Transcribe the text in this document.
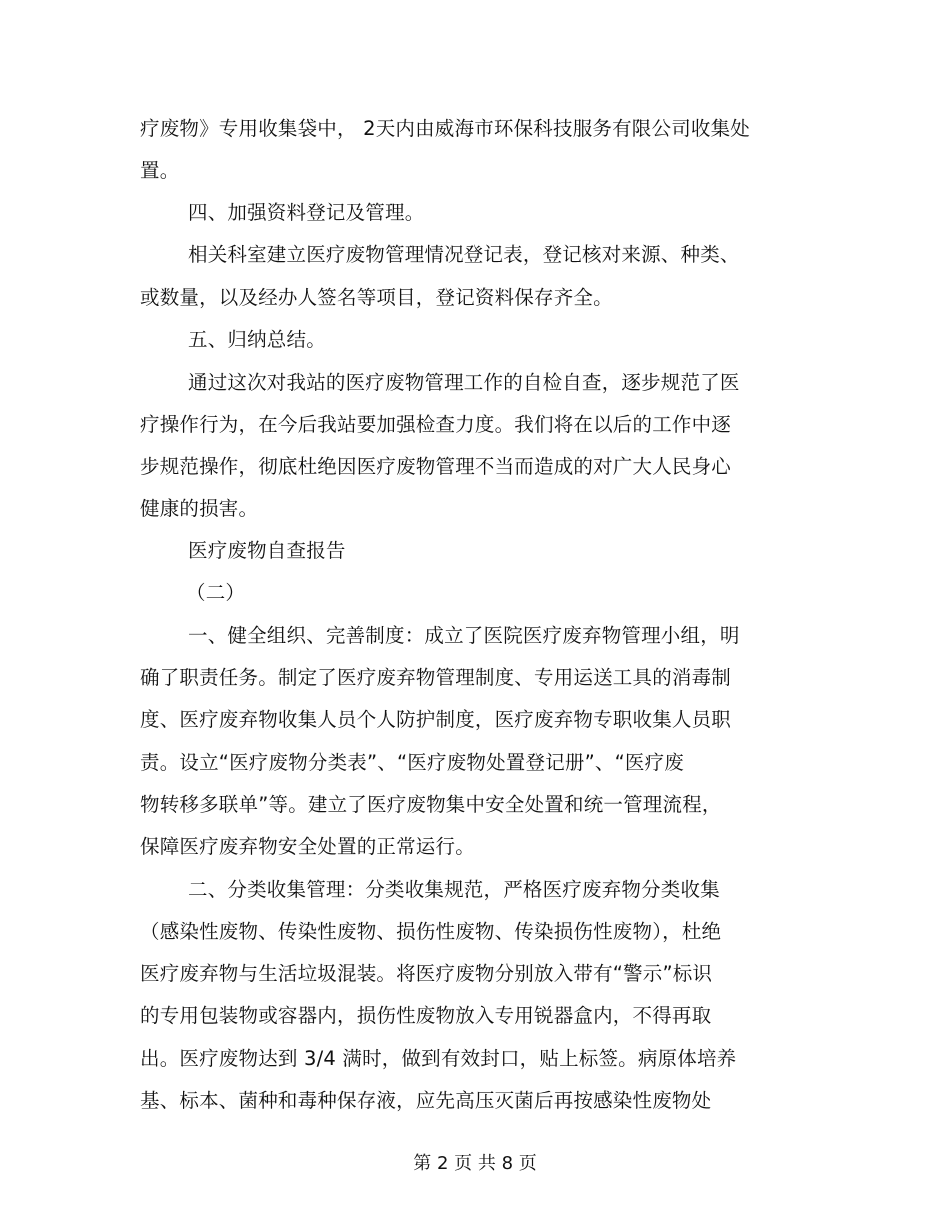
疗废物》专用收集袋中， 2天内由威海市环保科技服务有限公司收集处
置。
四、加强资料登记及管理。
相关科室建立医疗废物管理情况登记表，登记核对来源、种类、
或数量，以及经办人签名等项目，登记资料保存齐全。
五、归纳总结。
通过这次对我站的医疗废物管理工作的自检自查，逐步规范了医
疗操作行为，在今后我站要加强检查力度。我们将在以后的工作中逐
步规范操作，彻底杜绝因医疗废物管理不当而造成的对广大人民身心
健康的损害。
医疗废物自查报告
（二）
一、健全组织、完善制度：成立了医院医疗废弃物管理小组，明
确了职责任务。制定了医疗废弃物管理制度、专用运送工具的消毒制
度、医疗废弃物收集人员个人防护制度，医疗废弃物专职收集人员职
责。设立“医疗废物分类表”、“医疗废物处置登记册”、“医疗废
物转移多联单”等。建立了医疗废物集中安全处置和统一管理流程，
保障医疗废弃物安全处置的正常运行。
二、分类收集管理：分类收集规范，严格医疗废弃物分类收集
（感染性废物、传染性废物、损伤性废物、传染损伤性废物），杜绝
医疗废弃物与生活垃圾混装。将医疗废物分别放入带有“警示”标识
的专用包装物或容器内，损伤性废物放入专用锐器盒内，不得再取
出。医疗废物达到 3/4 满时，做到有效封口，贴上标签。病原体培养
基、标本、菌种和毒种保存液，应先高压灭菌后再按感染性废物处
第 2 页 共 8 页
